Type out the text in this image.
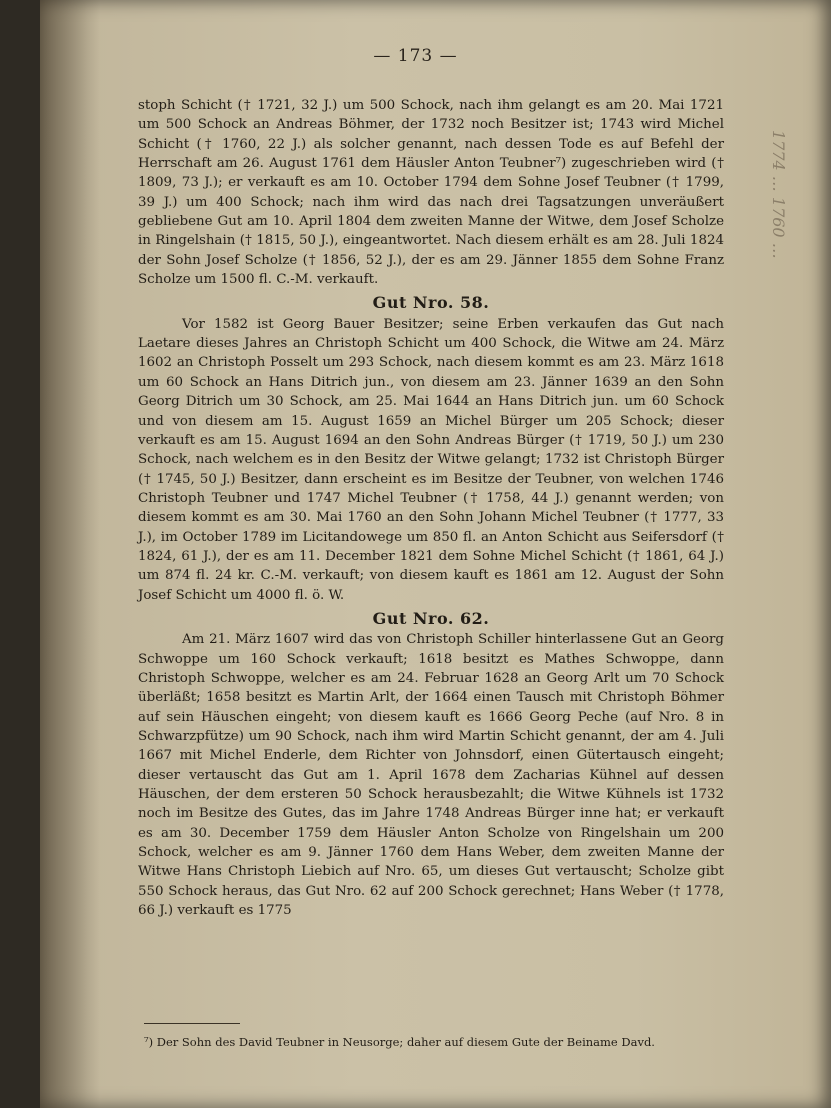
— 173 —

stoph Schicht († 1721, 32 J.) um 500 Schock, nach ihm gelangt es am 20. Mai 1721 um 500 Schock an Andreas Böhmer, der 1732 noch Besitzer ist; 1743 wird Michel Schicht († 1760, 22 J.) als solcher genannt, nach dessen Tode es auf Befehl der Herrschaft am 26. August 1761 dem Häusler Anton Teubner⁷) zugeschrieben wird († 1809, 73 J.); er verkauft es am 10. October 1794 dem Sohne Josef Teubner († 1799, 39 J.) um 400 Schock; nach ihm wird das nach drei Tagsatzungen unveräußert gebliebene Gut am 10. April 1804 dem zweiten Manne der Witwe, dem Josef Scholze in Ringelshain († 1815, 50 J.), eingeantwortet. Nach diesem erhält es am 28. Juli 1824 der Sohn Josef Scholze († 1856, 52 J.), der es am 29. Jänner 1855 dem Sohne Franz Scholze um 1500 fl. C.-M. verkauft.

Gut Nro. 58.

Vor 1582 ist Georg Bauer Besitzer; seine Erben verkaufen das Gut nach Laetare dieses Jahres an Christoph Schicht um 400 Schock, die Witwe am 24. März 1602 an Christoph Posselt um 293 Schock, nach diesem kommt es am 23. März 1618 um 60 Schock an Hans Ditrich jun., von diesem am 23. Jänner 1639 an den Sohn Georg Ditrich um 30 Schock, am 25. Mai 1644 an Hans Ditrich jun. um 60 Schock und von diesem am 15. August 1659 an Michel Bürger um 205 Schock; dieser verkauft es am 15. August 1694 an den Sohn Andreas Bürger († 1719, 50 J.) um 230 Schock, nach welchem es in den Besitz der Witwe gelangt; 1732 ist Christoph Bürger († 1745, 50 J.) Besitzer, dann erscheint es im Besitze der Teubner, von welchen 1746 Christoph Teubner und 1747 Michel Teubner († 1758, 44 J.) genannt werden; von diesem kommt es am 30. Mai 1760 an den Sohn Johann Michel Teubner († 1777, 33 J.), im October 1789 im Licitandowege um 850 fl. an Anton Schicht aus Seifersdorf († 1824, 61 J.), der es am 11. December 1821 dem Sohne Michel Schicht († 1861, 64 J.) um 874 fl. 24 kr. C.-M. verkauft; von diesem kauft es 1861 am 12. August der Sohn Josef Schicht um 4000 fl. ö. W.

Gut Nro. 62.

Am 21. März 1607 wird das von Christoph Schiller hinterlassene Gut an Georg Schwoppe um 160 Schock verkauft; 1618 besitzt es Mathes Schwoppe, dann Christoph Schwoppe, welcher es am 24. Februar 1628 an Georg Arlt um 70 Schock überläßt; 1658 besitzt es Martin Arlt, der 1664 einen Tausch mit Christoph Böhmer auf sein Häuschen eingeht; von diesem kauft es 1666 Georg Peche (auf Nro. 8 in Schwarzpfütze) um 90 Schock, nach ihm wird Martin Schicht genannt, der am 4. Juli 1667 mit Michel Enderle, dem Richter von Johnsdorf, einen Gütertausch eingeht; dieser vertauscht das Gut am 1. April 1678 dem Zacharias Kühnel auf dessen Häuschen, der dem ersteren 50 Schock herausbezahlt; die Witwe Kühnels ist 1732 noch im Besitze des Gutes, das im Jahre 1748 Andreas Bürger inne hat; er verkauft es am 30. December 1759 dem Häusler Anton Scholze von Ringelshain um 200 Schock, welcher es am 9. Jänner 1760 dem Hans Weber, dem zweiten Manne der Witwe Hans Christoph Liebich auf Nro. 65, um dieses Gut vertauscht; Scholze gibt 550 Schock heraus, das Gut Nro. 62 auf 200 Schock gerechnet; Hans Weber († 1778, 66 J.) verkauft es 1775

⁷) Der Sohn des David Teubner in Neusorge; daher auf diesem Gute der Beiname Davd.
1774 … 1760 …
